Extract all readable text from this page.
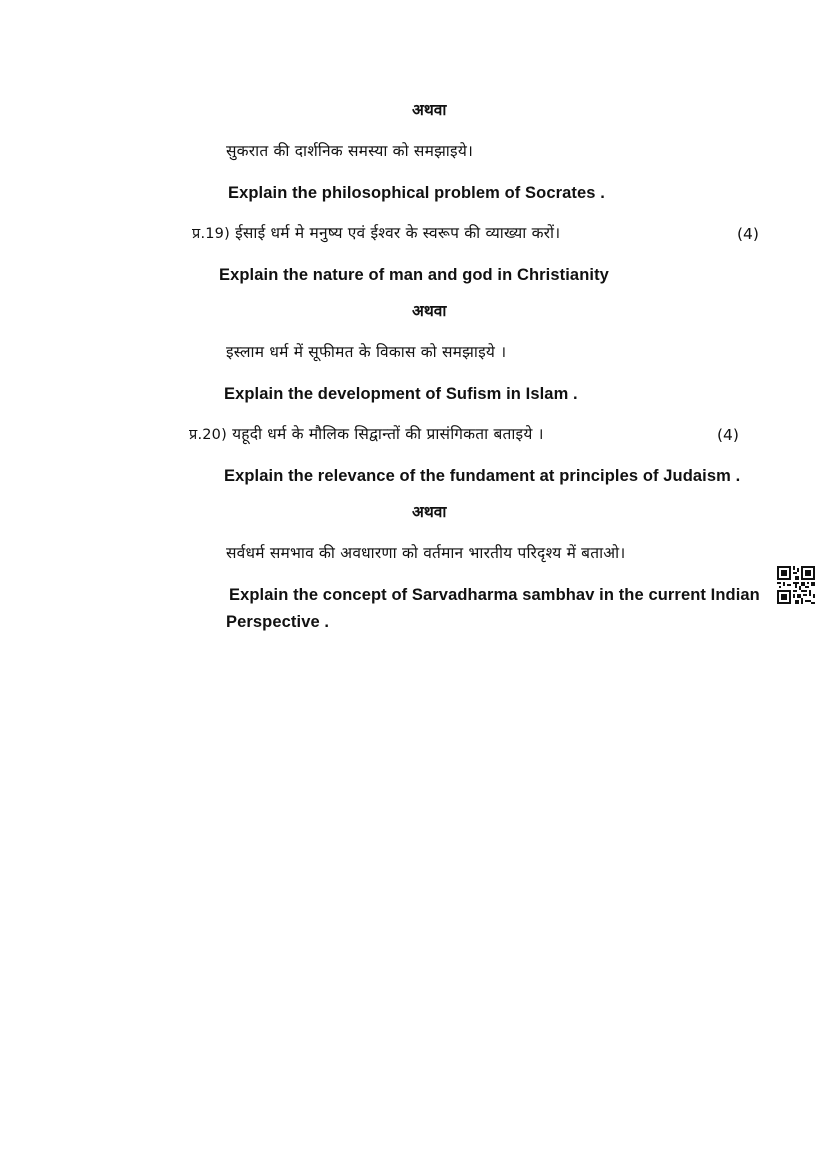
अथवा
सुकरात की दार्शनिक समस्या को समझाइये।
Explain the philosophical problem of Socrates .
प्र.19) ईसाई धर्म मे मनुष्य एवं ईश्वर के स्वरूप की व्याख्या करों।	(4)
Explain the nature of man and god in Christianity
अथवा
इस्लाम धर्म में सूफीमत के विकास को समझाइये ।
Explain the development of Sufism in Islam .
प्र.20) यहूदी धर्म के मौलिक सिद्वान्तों की प्रासंगिकता बताइये ।	(4)
Explain the relevance of the fundament at principles of Judaism .
अथवा
सर्वधर्म समभाव की अवधारणा को वर्तमान भारतीय परिदृश्य में बताओ।
Explain the concept of Sarvadharma sambhav in the current Indian
Perspective .
